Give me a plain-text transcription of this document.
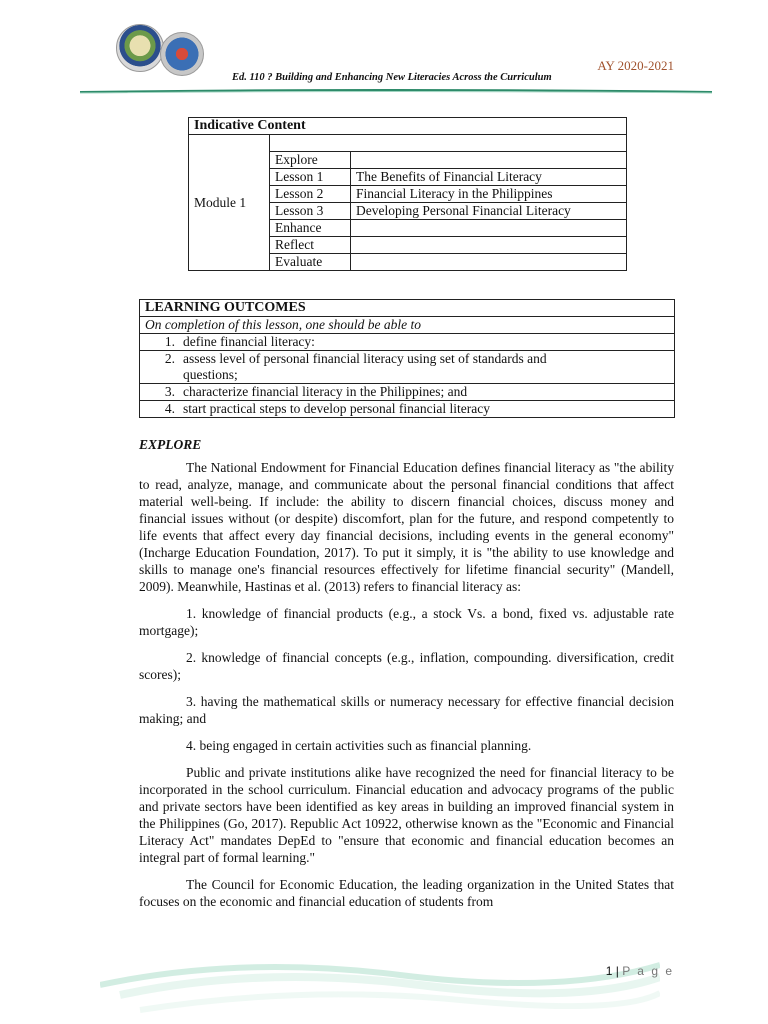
AY 2020-2021
Ed. 110 ? Building and Enhancing New Literacies Across the Curriculum
Indicative Content		
Module 1		
	Explore	
	Lesson 1	The Benefits of Financial Literacy
	Lesson 2	Financial Literacy in the Philippines
	Lesson 3	Developing Personal Financial Literacy
	Enhance	
	Reflect	
	Evaluate	
LEARNING OUTCOMES	
On completion of this lesson, one should be able to	
1.	define financial literacy:
2.	assess level of personal financial literacy using set of standards and questions;
3.	characterize financial literacy in the Philippines; and
4.	start practical steps to develop personal financial literacy

EXPLORE

The National Endowment for Financial Education defines financial literacy as "the ability to read, analyze, manage, and communicate about the personal financial conditions that affect material well-being. If include: the ability to discern financial choices, discuss money and financial issues without (or despite) discomfort, plan for the future, and respond competently to life events that affect every day financial decisions, including events in the general economy" (Incharge Education Foundation, 2017). To put it simply, it is "the ability to use knowledge and skills to manage one's financial resources effectively for lifetime financial security" (Mandell, 2009). Meanwhile, Hastinas et al. (2013) refers to financial literacy as:

1. knowledge of financial products (e.g., a stock Vs. a bond, fixed vs. adjustable rate mortgage);

2. knowledge of financial concepts (e.g., inflation, compounding. diversification, credit scores);

3. having the mathematical skills or numeracy necessary for effective financial decision making; and

4. being engaged in certain activities such as financial planning.

Public and private institutions alike have recognized the need for financial literacy to be incorporated in the school curriculum. Financial education and advocacy programs of the public and private sectors have been identified as key areas in building an improved financial system in the Philippines (Go, 2017). Republic Act 10922, otherwise known as the "Economic and Financial Literacy Act" mandates DepEd to "ensure that economic and financial education becomes an integral part of formal learning."

The Council for Economic Education, the leading organization in the United States that focuses on the economic and financial education of students from

1 | P a g e
